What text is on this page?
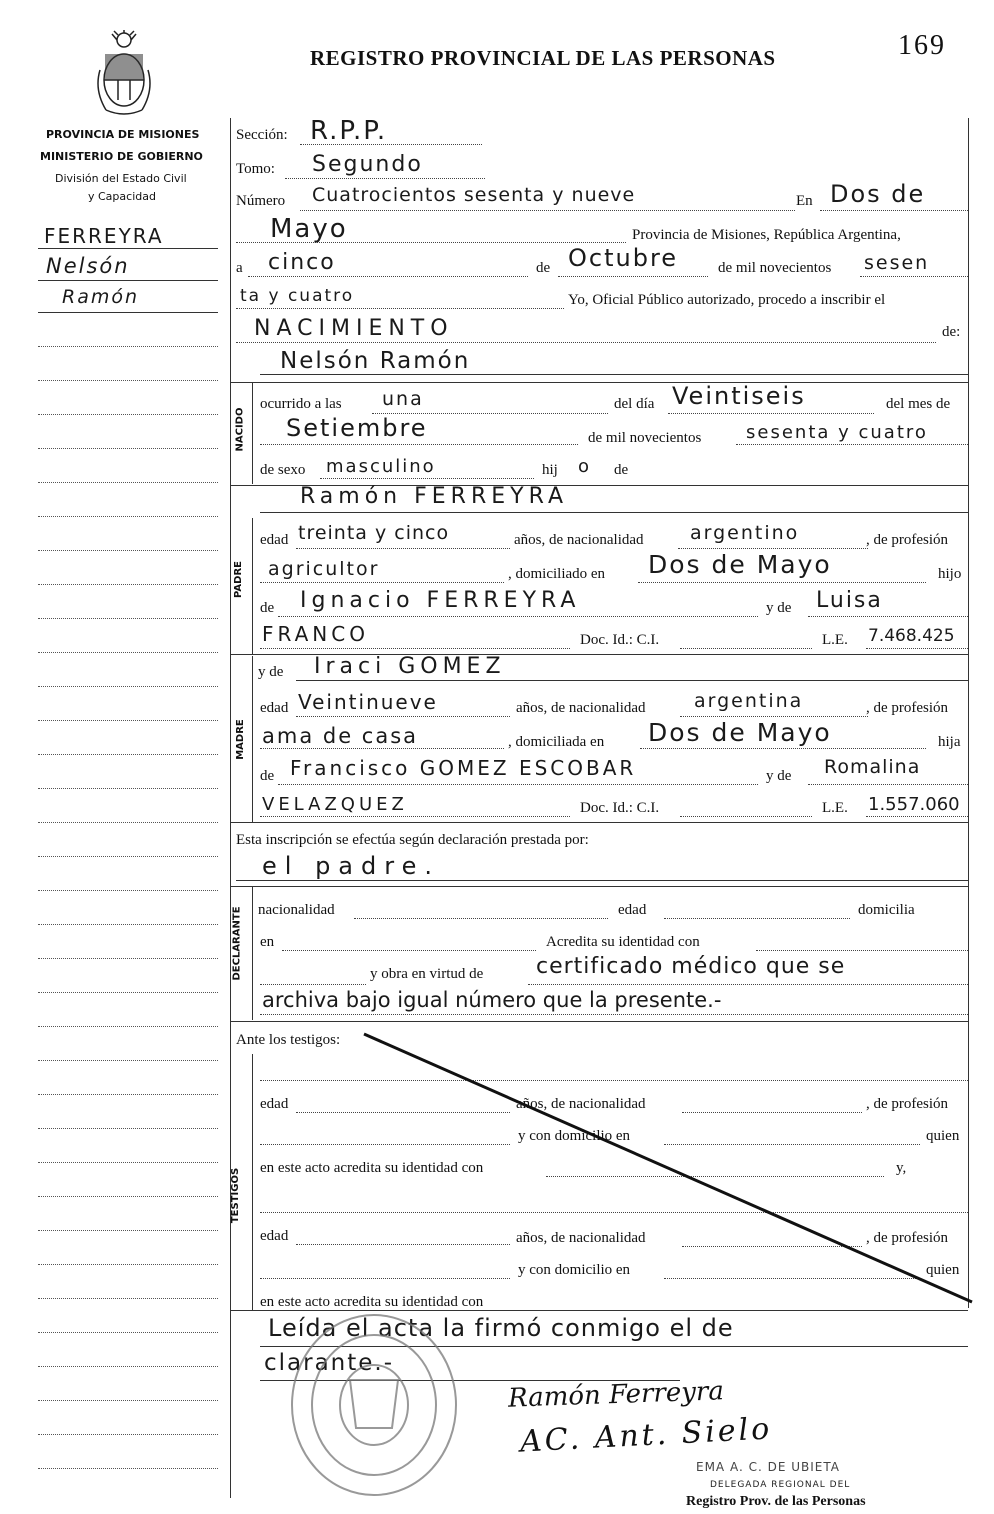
REGISTRO PROVINCIAL DE LAS PERSONAS	169
PROVINCIA DE MISIONES
MINISTERIO DE GOBIERNO
División del Estado Civil
y Capacidad
FERREYRA
Nelsón
Ramón
NACIDO
PADRE
MADRE
DECLARANTE
TESTIGOS
Sección: R.P.P.
Tomo: Segundo
Número Cuatrocientos sesenta y nueve	En Dos de
Mayo	Provincia de Misiones, República Argentina,
a cinco	de Octubre	de mil novecientos sesen
ta y cuatro	Yo, Oficial Público autorizado, procedo a inscribir el
NACIMIENTO	de:
Nelsón Ramón
ocurrido a las una	del día Veintiseis	del mes de
Setiembre	de mil novecientos sesenta y cuatro
de sexo masculino	hij o de
Ramón FERREYRA
edad treinta y cinco	años, de nacionalidad argentino	, de profesión
agricultor	, domiciliado en Dos de Mayo	hijo
de Ignacio FERREYRA	y de Luisa
FRANCO	Doc. Id.: C.I.	L.E. 7.468.425
y de Iraci GOMEZ
edad Veintinueve	años, de nacionalidad	argentina	, de profesión
ama de casa	, domiciliada en Dos de Mayo	hija
de Francisco GOMEZ ESCOBAR	y de Romalina
VELAZQUEZ	Doc. Id.: C.I.	L.E. 1.557.060
Esta inscripción se efectúa según declaración prestada por:
el padre.
nacionalidad	edad	domicilia
en	Acredita su identidad con
y obra en virtud de certificado médico que se
archiva bajo igual número que la presente.-
Ante los testigos:
edad	años, de nacionalidad	, de profesión
y con domicilio en	quien
en este acto acredita su identidad con	y,
edad	años, de nacionalidad	, de profesión
y con domicilio en	quien
en este acto acredita su identidad con
Leída el acta la firmó conmigo el de
clarante.-
Ramón Ferreyra
AC. Ant. Sielo
EMA A. C. DE UBIETA
DELEGADA REGIONAL DEL
Registro Prov. de las Personas
